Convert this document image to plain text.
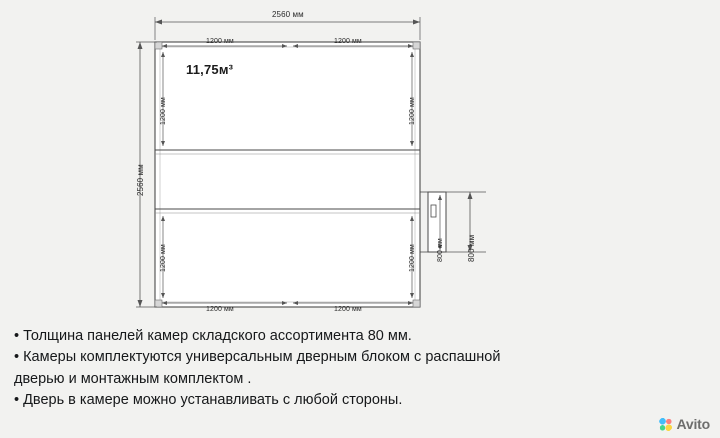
11,75м³
2560 мм
1200 мм	1200 мм
1200 мм	1200 мм
2560 мм
1200 мм
1200 мм
1200 мм
1200 мм	800 мм	800 мм
• Толщина панелей камер складского ассортимента 80 мм.
• Камеры комплектуются универсальным дверным блоком с распашной
дверью и монтажным комплектом .
• Дверь в камере можно устанавливать с любой стороны.
Avito
